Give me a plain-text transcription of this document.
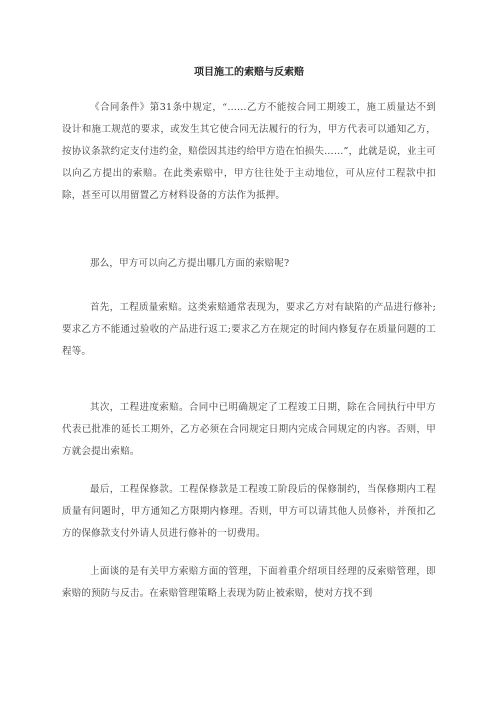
项目施工的索赔与反索赔

《合同条件》第31条中规定，“……乙方不能按合同工期竣工，施工质量达不到设计和施工规范的要求，或发生其它使合同无法履行的行为，甲方代表可以通知乙方，按协议条款约定支付违约金，赔偿因其违约给甲方造在怕损失……”，此就是说，业主可以向乙方提出的索赔。在此类索赔中，甲方往往处于主动地位，可从应付工程款中扣除，甚至可以用留置乙方材料设备的方法作为抵押。

那么，甲方可以向乙方提出哪几方面的索赔呢?

首先，工程质量索赔。这类索赔通常表现为，要求乙方对有缺陷的产品进行修补;要求乙方不能通过验收的产品进行返工;要求乙方在规定的时间内修复存在质量问题的工程等。

其次，工程进度索赔。合同中已明确规定了工程竣工日期，除在合同执行中甲方代表已批准的延长工期外，乙方必须在合同规定日期内完成合同规定的内容。否则，甲方就会提出索赔。

最后，工程保修款。工程保修款是工程竣工阶段后的保修制约，当保修期内工程质量有问题时，甲方通知乙方限期内修理。否则，甲方可以请其他人员修补，并预扣乙方的保修款支付外请人员进行修补的一切费用。

上面谈的是有关甲方索赔方面的管理，下面着重介绍项目经理的反索赔管理，即索赔的预防与反击。在索赔管理策略上表现为防止被索赔，使对方找不到
